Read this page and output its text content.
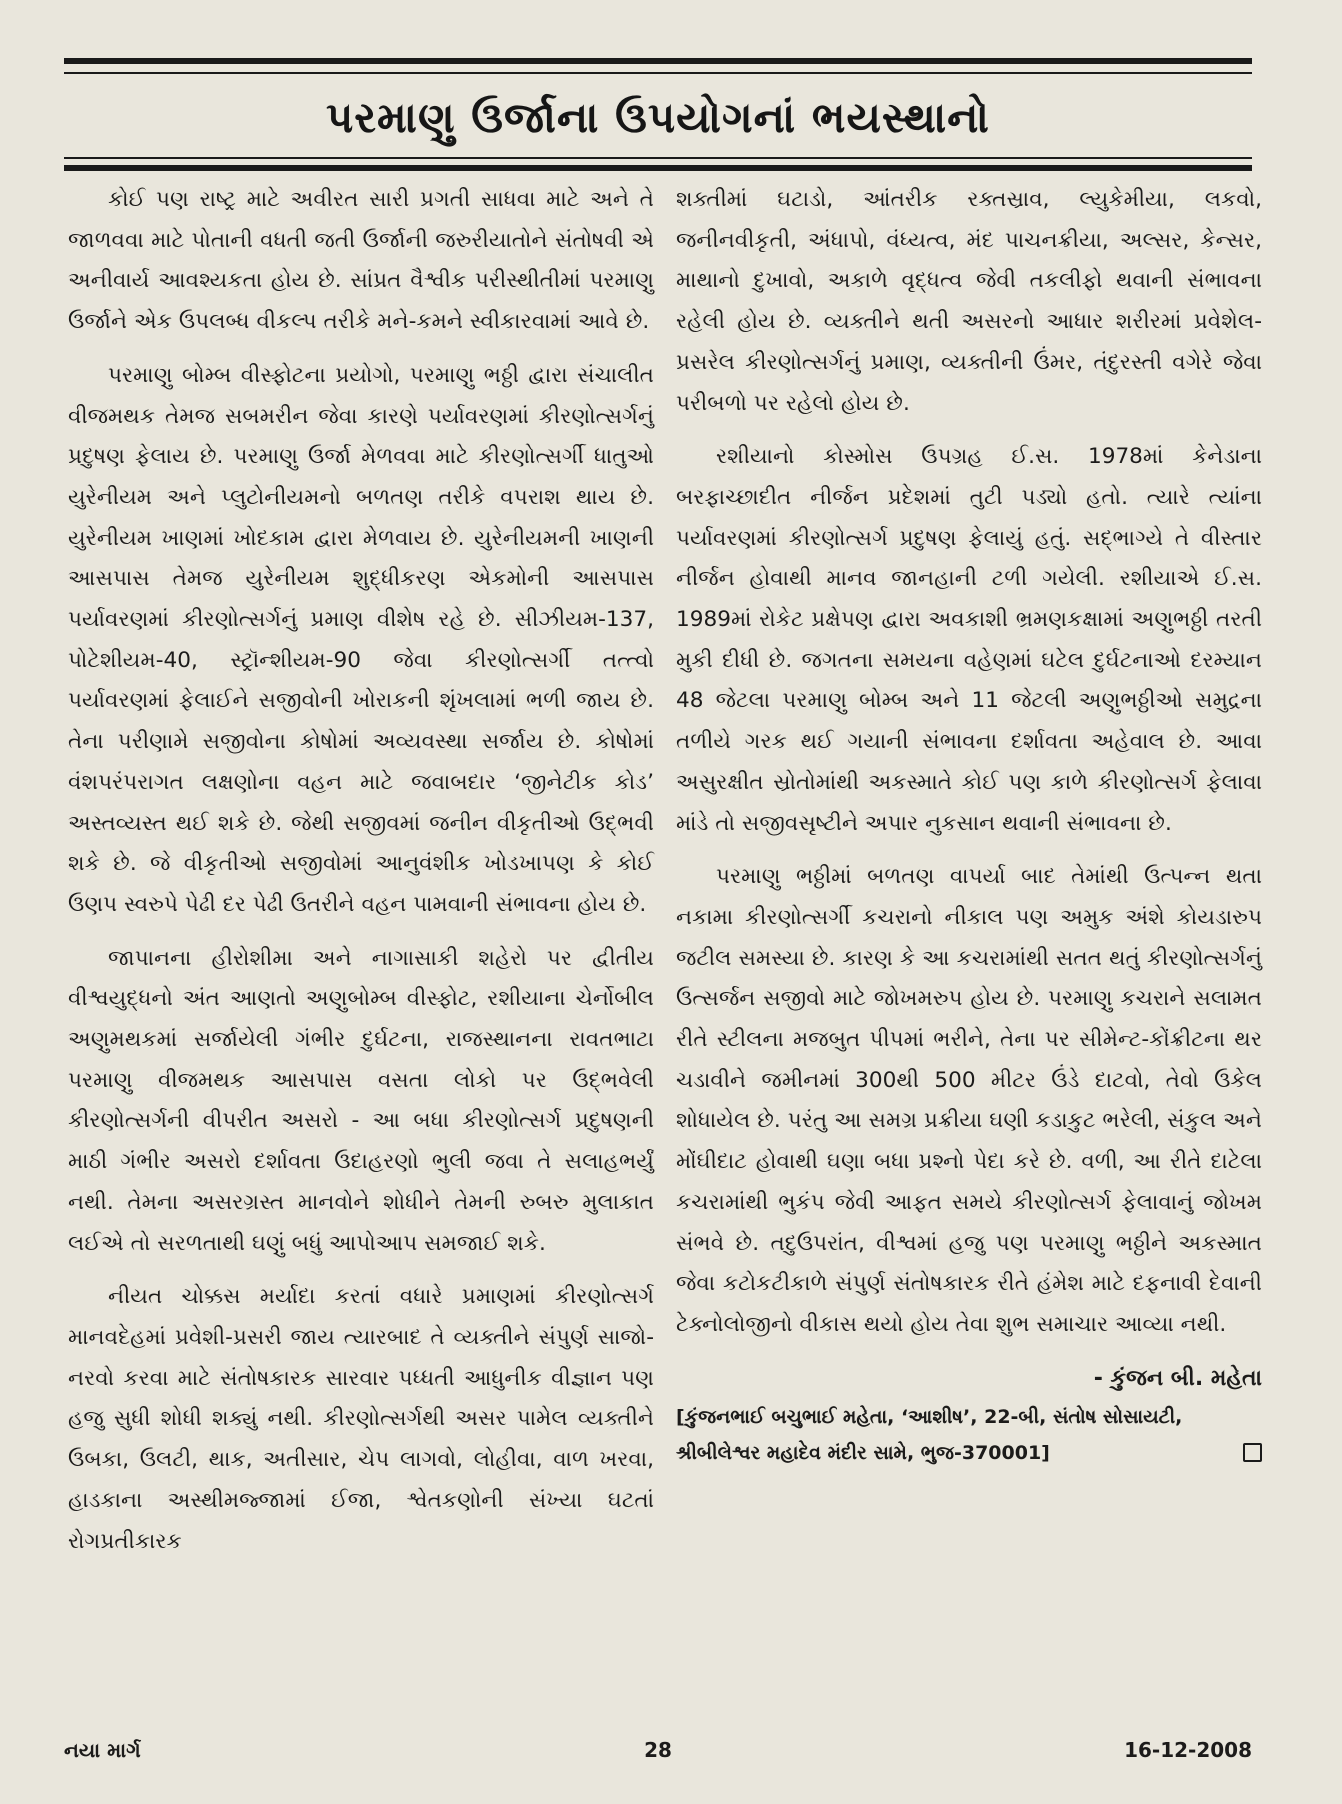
પરમાણુ ઉર્જાના ઉપયોગનાં ભયસ્થાનો

કોઈ પણ રાષ્ટ્ર માટે અવીરત સારી પ્રગતી સાધવા માટે અને તે જાળવવા માટે પોતાની વધતી જતી ઉર્જાની જરુરીયાતોને સંતોષવી એ અનીવાર્ય આવશ્યકતા હોય છે. સાંપ્રત વૈશ્વીક પરીસ્થીતીમાં પરમાણુ ઉર્જાને એક ઉપલબ્ધ વીકલ્પ તરીકે મને-કમને સ્વીકારવામાં આવે છે.

પરમાણુ બોમ્બ વીસ્ફોટના પ્રયોગો, પરમાણુ ભઠ્ઠી દ્વારા સંચાલીત વીજમથક તેમજ સબમરીન જેવા કારણે પર્યાવરણમાં કીરણોત્સર્ગનું પ્રદુષણ ફેલાય છે. પરમાણુ ઉર્જા મેળવવા માટે કીરણોત્સર્ગી ધાતુઓ યુરેનીયમ અને પ્લુટોનીયમનો બળતણ તરીકે વપરાશ થાય છે. યુરેનીયમ ખાણમાં ખોદકામ દ્વારા મેળવાય છે. યુરેનીયમની ખાણની આસપાસ તેમજ યુરેનીયમ શુદ્ધીકરણ એકમોની આસપાસ પર્યાવરણમાં કીરણોત્સર્ગનું પ્રમાણ વીશેષ રહે છે. સીઝીયમ-137, પોટેશીયમ-40, સ્ટ્રૉન્શીયમ-90 જેવા કીરણોત્સર્ગી તત્ત્વો પર્યાવરણમાં ફેલાઈને સજીવોની ખોરાકની શૃંખલામાં ભળી જાય છે. તેના પરીણામે સજીવોના કોષોમાં અવ્યવસ્થા સર્જાય છે. કોષોમાં વંશપરંપરાગત લક્ષણોના વહન માટે જવાબદાર ‘જીનેટીક કોડ’ અસ્તવ્યસ્ત થઈ શકે છે. જેથી સજીવમાં જનીન વીકૃતીઓ ઉદ્ભવી શકે છે. જે વીકૃતીઓ સજીવોમાં આનુવંશીક ખોડખાપણ કે કોઈ ઉણપ સ્વરુપે પેઢી દર પેઢી ઉતરીને વહન પામવાની સંભાવના હોય છે.

જાપાનના હીરોશીમા અને નાગાસાકી શહેરો પર દ્વીતીય વીશ્વયુદ્ધનો અંત આણતો અણુબોમ્બ વીસ્ફોટ, રશીયાના ચેર્નોબીલ અણુમથકમાં સર્જાયેલી ગંભીર દુર્ઘટના, રાજસ્થાનના રાવતભાટા પરમાણુ વીજમથક આસપાસ વસતા લોકો પર ઉદ્ભવેલી કીરણોત્સર્ગની વીપરીત અસરો - આ બધા કીરણોત્સર્ગ પ્રદુષણની માઠી ગંભીર અસરો દર્શાવતા ઉદાહરણો ભુલી જવા તે સલાહભર્યું નથી. તેમના અસરગ્રસ્ત માનવોને શોધીને તેમની રુબરુ મુલાકાત લઈએ તો સરળતાથી ઘણું બધું આપોઆપ સમજાઈ શકે.

નીયત ચોક્કસ મર્યાદા કરતાં વધારે પ્રમાણમાં કીરણોત્સર્ગ માનવદેહમાં પ્રવેશી-પ્રસરી જાય ત્યારબાદ તે વ્યક્તીને સંપુર્ણ સાજો-નરવો કરવા માટે સંતોષકારક સારવાર પધ્ધતી આધુનીક વીજ્ઞાન પણ હજુ સુધી શોધી શક્યું નથી. કીરણોત્સર્ગથી અસર પામેલ વ્યક્તીને ઉબકા, ઉલટી, થાક, અતીસાર, ચેપ લાગવો, લોહીવા, વાળ ખરવા, હાડકાના અસ્થીમજ્જામાં ઈજા, શ્વેતકણોની સંખ્યા ઘટતાં રોગપ્રતીકારક

શક્તીમાં ઘટાડો, આંતરીક રક્તસ્રાવ, લ્યુકેમીયા, લકવો, જનીનવીકૃતી, અંધાપો, વંધ્યત્વ, મંદ પાચનક્રીયા, અલ્સર, કેન્સર, માથાનો દુખાવો, અકાળે વૃદ્ધત્વ જેવી તકલીફો થવાની સંભાવના રહેલી હોય છે. વ્યક્તીને થતી અસરનો આધાર શરીરમાં પ્રવેશેલ-પ્રસરેલ કીરણોત્સર્ગનું પ્રમાણ, વ્યક્તીની ઉંમર, તંદુરસ્તી વગેરે જેવા પરીબળો પર રહેલો હોય છે.

રશીયાનો કોસ્મોસ ઉપગ્રહ ઈ.સ. 1978માં કેનેડાના બરફાચ્છાદીત નીર્જન પ્રદેશમાં તુટી પડ્યો હતો. ત્યારે ત્યાંના પર્યાવરણમાં કીરણોત્સર્ગ પ્રદુષણ ફેલાયું હતું. સદ્ભાગ્યે તે વીસ્તાર નીર્જન હોવાથી માનવ જાનહાની ટળી ગયેલી. રશીયાએ ઈ.સ. 1989માં રોકેટ પ્રક્ષેપણ દ્વારા અવકાશી ભ્રમણકક્ષામાં અણુભઠ્ઠી તરતી મુકી દીધી છે. જગતના સમયના વહેણમાં ઘટેલ દુર્ઘટનાઓ દરમ્યાન 48 જેટલા પરમાણુ બોમ્બ અને 11 જેટલી અણુભઠ્ઠીઓ સમુદ્રના તળીયે ગરક થઈ ગયાની સંભાવના દર્શાવતા અહેવાલ છે. આવા અસુરક્ષીત સ્રોતોમાંથી અકસ્માતે કોઈ પણ કાળે કીરણોત્સર્ગ ફેલાવા માંડે તો સજીવસૃષ્ટીને અપાર નુકસાન થવાની સંભાવના છે.

પરમાણુ ભઠ્ઠીમાં બળતણ વાપર્યા બાદ તેમાંથી ઉત્પન્ન થતા નકામા કીરણોત્સર્ગી કચરાનો નીકાલ પણ અમુક અંશે કોયડારુપ જટીલ સમસ્યા છે. કારણ કે આ કચરામાંથી સતત થતું કીરણોત્સર્ગનું ઉત્સર્જન સજીવો માટે જોખમરુપ હોય છે. પરમાણુ કચરાને સલામત રીતે સ્ટીલના મજબુત પીપમાં ભરીને, તેના પર સીમેન્ટ-કોંક્રીટના થર ચડાવીને જમીનમાં 300થી 500 મીટર ઉંડે દાટવો, તેવો ઉકેલ શોધાયેલ છે. પરંતુ આ સમગ્ર પ્રક્રીયા ઘણી કડાકુટ ભરેલી, સંકુલ અને મોંઘીદાટ હોવાથી ઘણા બધા પ્રશ્નો પેદા કરે છે. વળી, આ રીતે દાટેલા કચરામાંથી ભુકંપ જેવી આફત સમયે કીરણોત્સર્ગ ફેલાવાનું જોખમ સંભવે છે. તદુઉપરાંત, વીશ્વમાં હજુ પણ પરમાણુ ભઠ્ઠીને અકસ્માત જેવા કટોકટીકાળે સંપુર્ણ સંતોષકારક રીતે હંમેશ માટે દફનાવી દેવાની ટેક્નોલોજીનો વીકાસ થયો હોય તેવા શુભ સમાચાર આવ્યા નથી.

- કુંજન બી. મહેતા
[કુંજનભાઈ બચુભાઈ મહેતા, ‘આશીષ’, 22-બી, સંતોષ સોસાયટી,
શ્રીબીલેશ્વર મહાદેવ મંદીર સામે, ભુજ-370001]
નયા માર્ગ	28	16-12-2008
